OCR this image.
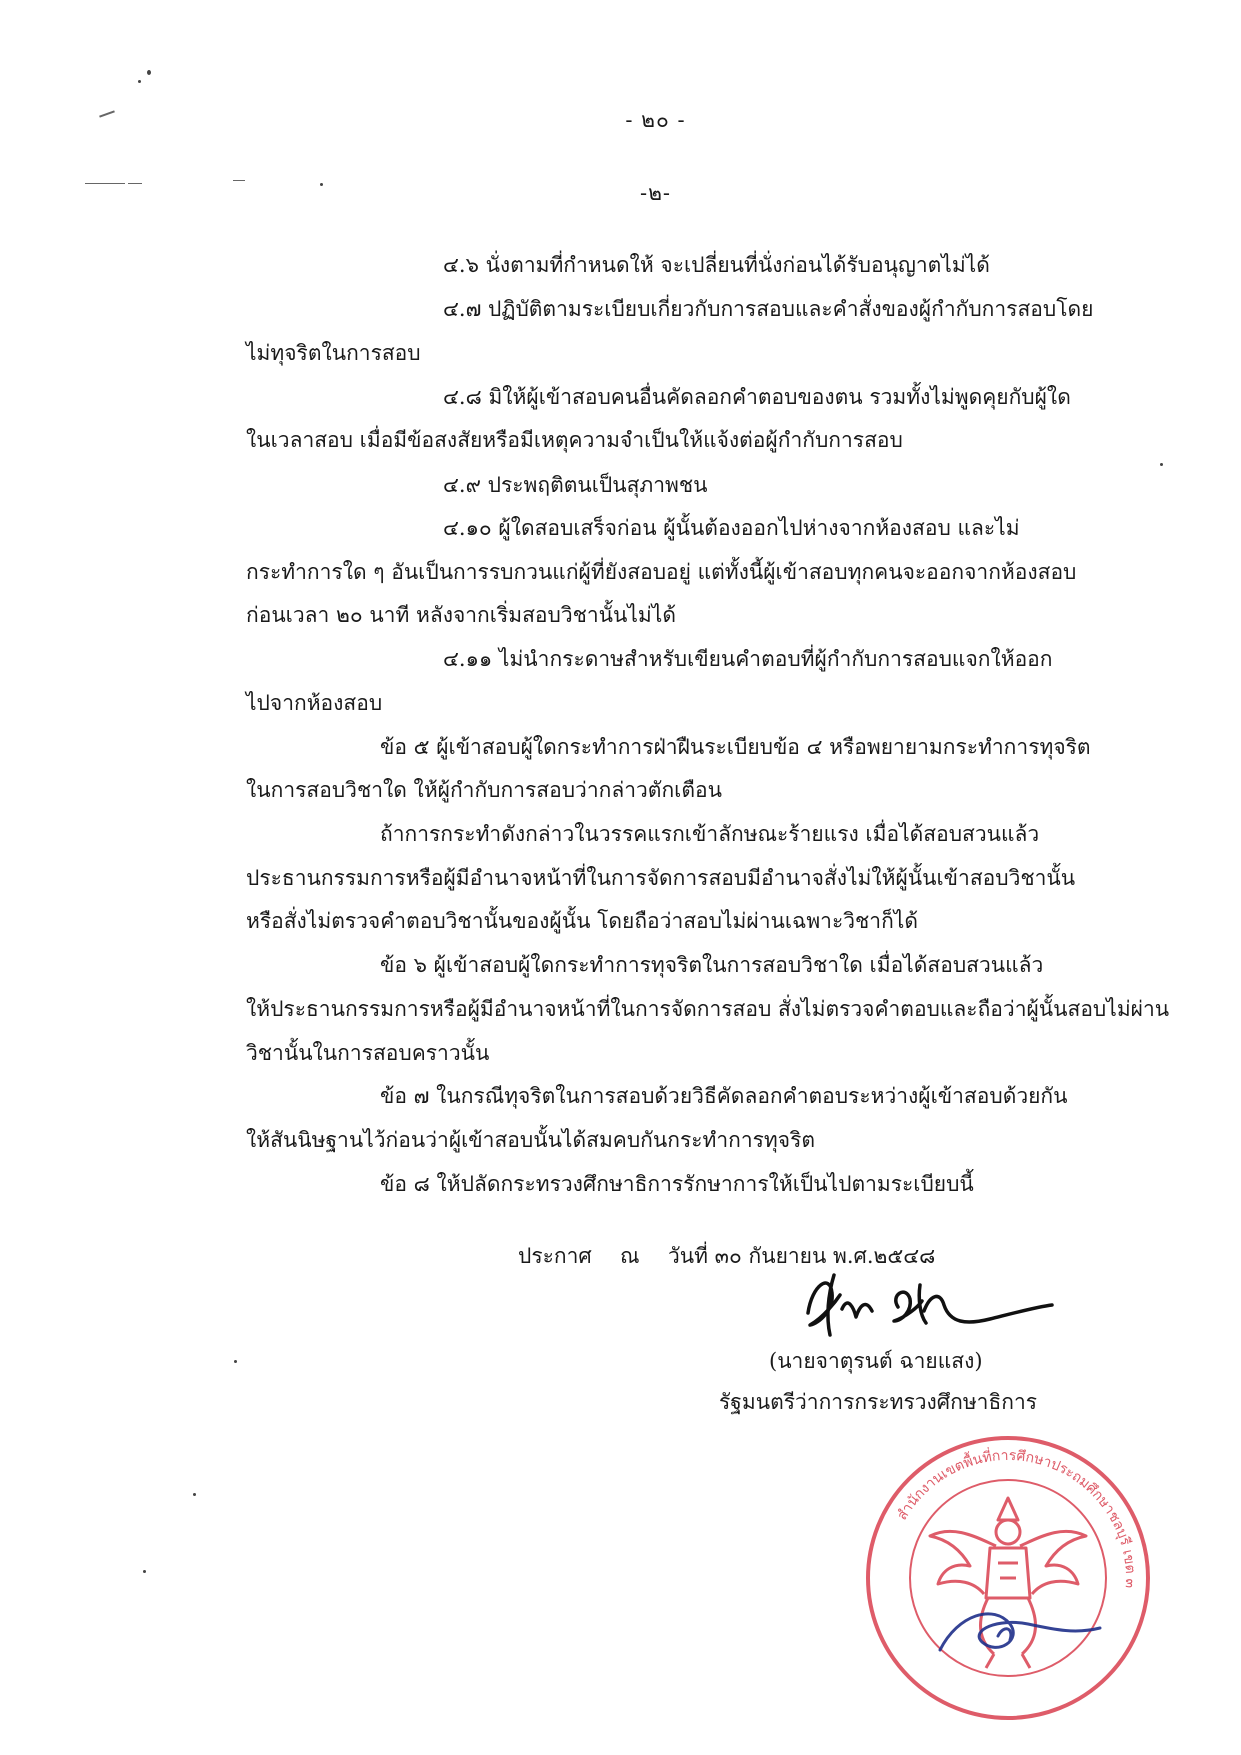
- ๒๐ -
-๒-
๔.๖ นั่งตามที่กำหนดให้ จะเปลี่ยนที่นั่งก่อนได้รับอนุญาตไม่ได้
๔.๗ ปฏิบัติตามระเบียบเกี่ยวกับการสอบและคำสั่งของผู้กำกับการสอบโดย
ไม่ทุจริตในการสอบ
๔.๘ มิให้ผู้เข้าสอบคนอื่นคัดลอกคำตอบของตน รวมทั้งไม่พูดคุยกับผู้ใด
ในเวลาสอบ เมื่อมีข้อสงสัยหรือมีเหตุความจำเป็นให้แจ้งต่อผู้กำกับการสอบ
๔.๙ ประพฤติตนเป็นสุภาพชน
๔.๑๐ ผู้ใดสอบเสร็จก่อน ผู้นั้นต้องออกไปห่างจากห้องสอบ และไม่
กระทำการใด ๆ อันเป็นการรบกวนแก่ผู้ที่ยังสอบอยู่ แต่ทั้งนี้ผู้เข้าสอบทุกคนจะออกจากห้องสอบ
ก่อนเวลา ๒๐ นาที หลังจากเริ่มสอบวิชานั้นไม่ได้
๔.๑๑ ไม่นำกระดาษสำหรับเขียนคำตอบที่ผู้กำกับการสอบแจกให้ออก
ไปจากห้องสอบ
ข้อ ๕ ผู้เข้าสอบผู้ใดกระทำการฝ่าฝืนระเบียบข้อ ๔ หรือพยายามกระทำการทุจริต
ในการสอบวิชาใด ให้ผู้กำกับการสอบว่ากล่าวตักเตือน
ถ้าการกระทำดังกล่าวในวรรคแรกเข้าลักษณะร้ายแรง เมื่อได้สอบสวนแล้ว
ประธานกรรมการหรือผู้มีอำนาจหน้าที่ในการจัดการสอบมีอำนาจสั่งไม่ให้ผู้นั้นเข้าสอบวิชานั้น
หรือสั่งไม่ตรวจคำตอบวิชานั้นของผู้นั้น โดยถือว่าสอบไม่ผ่านเฉพาะวิชาก็ได้
ข้อ ๖ ผู้เข้าสอบผู้ใดกระทำการทุจริตในการสอบวิชาใด เมื่อได้สอบสวนแล้ว
ให้ประธานกรรมการหรือผู้มีอำนาจหน้าที่ในการจัดการสอบ สั่งไม่ตรวจคำตอบและถือว่าผู้นั้นสอบไม่ผ่าน
วิชานั้นในการสอบคราวนั้น
ข้อ ๗ ในกรณีทุจริตในการสอบด้วยวิธีคัดลอกคำตอบระหว่างผู้เข้าสอบด้วยกัน
ให้สันนิษฐานไว้ก่อนว่าผู้เข้าสอบนั้นได้สมคบกันกระทำการทุจริต
ข้อ ๘ ให้ปลัดกระทรวงศึกษาธิการรักษาการให้เป็นไปตามระเบียบนี้
ประกาศ ณ วันที่ ๓๐ กันยายน พ.ศ.๒๕๔๘
(นายจาตุรนต์ ฉายแสง)
รัฐมนตรีว่าการกระทรวงศึกษาธิการ
สำนักงานเขตพื้นที่การศึกษาประถมศึกษาชลบุรี เขต ๓
